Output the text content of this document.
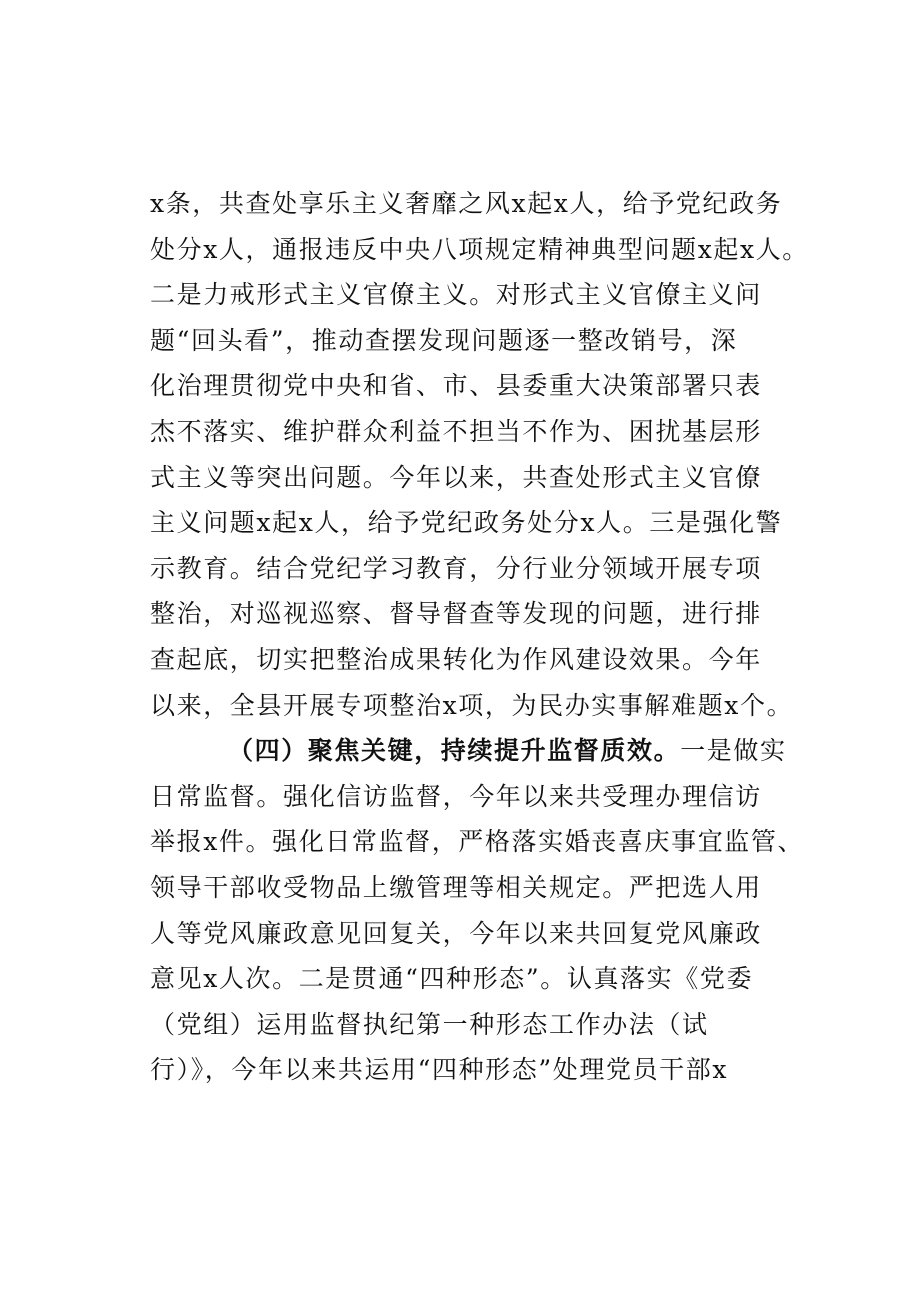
x条，共查处享乐主义奢靡之风x起x人，给予党纪政务
处分x人，通报违反中央八项规定精神典型问题x起x人。
二是力戒形式主义官僚主义。对形式主义官僚主义问
题“回头看”，推动查摆发现问题逐一整改销号，深
化治理贯彻党中央和省、市、县委重大决策部署只表
杰不落实、维护群众利益不担当不作为、困扰基层形
式主义等突出问题。今年以来，共查处形式主义官僚
主义问题x起x人，给予党纪政务处分x人。三是强化警
示教育。结合党纪学习教育，分行业分领域开展专项
整治，对巡视巡察、督导督查等发现的问题，进行排
查起底，切实把整治成果转化为作风建设效果。今年
以来，全县开展专项整治x项，为民办实事解难题x个。
（四）聚焦关键，持续提升监督质效。一是做实
日常监督。强化信访监督，今年以来共受理办理信访
举报x件。强化日常监督，严格落实婚丧喜庆事宜监管、
领导干部收受物品上缴管理等相关规定。严把选人用
人等党风廉政意见回复关，今年以来共回复党风廉政
意见x人次。二是贯通“四种形态”。认真落实《党委
（党组）运用监督执纪第一种形态工作办法（试
行）》，今年以来共运用“四种形态”处理党员干部x
